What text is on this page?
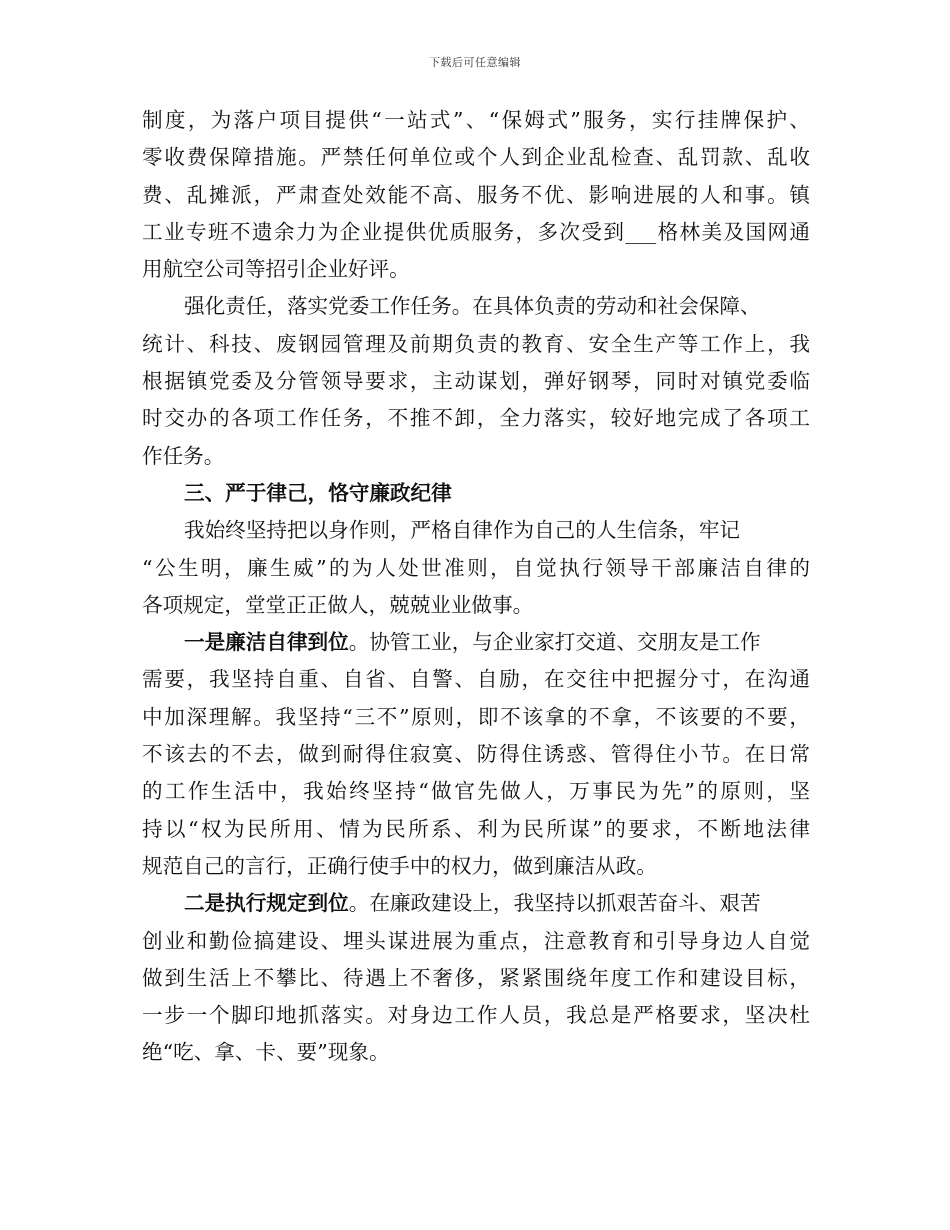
下载后可任意编辑
制度，为落户项目提供“一站式”、“保姆式”服务，实行挂牌保护、
零收费保障措施。严禁任何单位或个人到企业乱检查、乱罚款、乱收
费、乱摊派，严肃查处效能不高、服务不优、影响进展的人和事。镇
工业专班不遗余力为企业提供优质服务，多次受到___格林美及国网通
用航空公司等招引企业好评。
强化责任，落实党委工作任务。在具体负责的劳动和社会保障、
统计、科技、废钢园管理及前期负责的教育、安全生产等工作上，我
根据镇党委及分管领导要求，主动谋划，弹好钢琴，同时对镇党委临
时交办的各项工作任务，不推不卸，全力落实，较好地完成了各项工
作任务。
三、严于律己，恪守廉政纪律
我始终坚持把以身作则，严格自律作为自己的人生信条，牢记
“公生明，廉生威”的为人处世准则，自觉执行领导干部廉洁自律的
各项规定，堂堂正正做人，兢兢业业做事。
一是廉洁自律到位。协管工业，与企业家打交道、交朋友是工作
需要，我坚持自重、自省、自警、自励，在交往中把握分寸，在沟通
中加深理解。我坚持“三不”原则，即不该拿的不拿，不该要的不要，
不该去的不去，做到耐得住寂寞、防得住诱惑、管得住小节。在日常
的工作生活中，我始终坚持“做官先做人，万事民为先”的原则，坚
持以“权为民所用、情为民所系、利为民所谋”的要求，不断地法律
规范自己的言行，正确行使手中的权力，做到廉洁从政。
二是执行规定到位。在廉政建设上，我坚持以抓艰苦奋斗、艰苦
创业和勤俭搞建设、埋头谋进展为重点，注意教育和引导身边人自觉
做到生活上不攀比、待遇上不奢侈，紧紧围绕年度工作和建设目标，
一步一个脚印地抓落实。对身边工作人员，我总是严格要求，坚决杜
绝“吃、拿、卡、要”现象。
